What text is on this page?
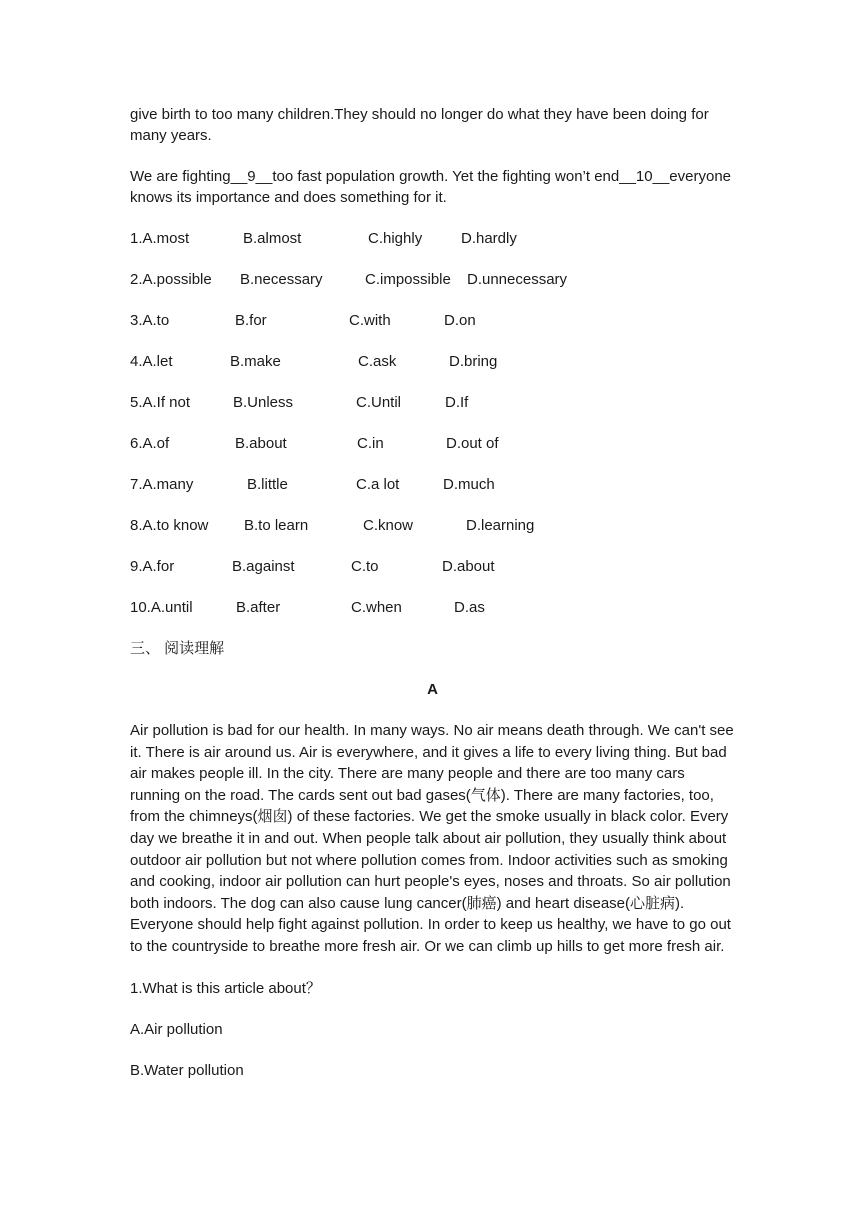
give birth to too many children.They should no longer do what they have been doing for many years.

We are fighting__9__too fast population growth. Yet the fighting won’t end__10__everyone knows its importance and does something for it.

1.A.most	B.almost	C.highly	D.hardly
2.A.possible B.necessary	C.impossible D.unnecessary
3.A.to	B.for	C.with	D.on
4.A.let	B.make	C.ask	D.bring
5.A.If not	B.Unless	C.Until	D.If
6.A.of	B.about	C.in	D.out of
7.A.many	B.little	C.a lot	D.much
8.A.to know B.to learn	C.know	D.learning
9.A.for	B.against	C.to	D.about
10.A.until	B.after	C.when	D.as

三、 阅读理解

A

Air pollution is bad for our health. In many ways. No air means death through. We can't see it. There is air around us. Air is everywhere, and it gives a life to every living thing. But bad air makes people ill. In the city. There are many people and there are too many cars running on the road. The cards sent out bad gases(气体). There are many factories, too, from the chimneys(烟囱) of these factories. We get the smoke usually in black color. Every day we breathe it in and out. When people talk about air pollution, they usually think about outdoor air pollution but not where pollution comes from. Indoor activities such as smoking and cooking, indoor air pollution can hurt people's eyes, noses and throats. So air pollution both indoors. The dog can also cause lung cancer(肺癌) and heart disease(心脏病). Everyone should help fight against pollution. In order to keep us healthy, we have to go out to the countryside to breathe more fresh air. Or we can climb up hills to get more fresh air.

1.What is this article about？

A.Air pollution

B.Water pollution
